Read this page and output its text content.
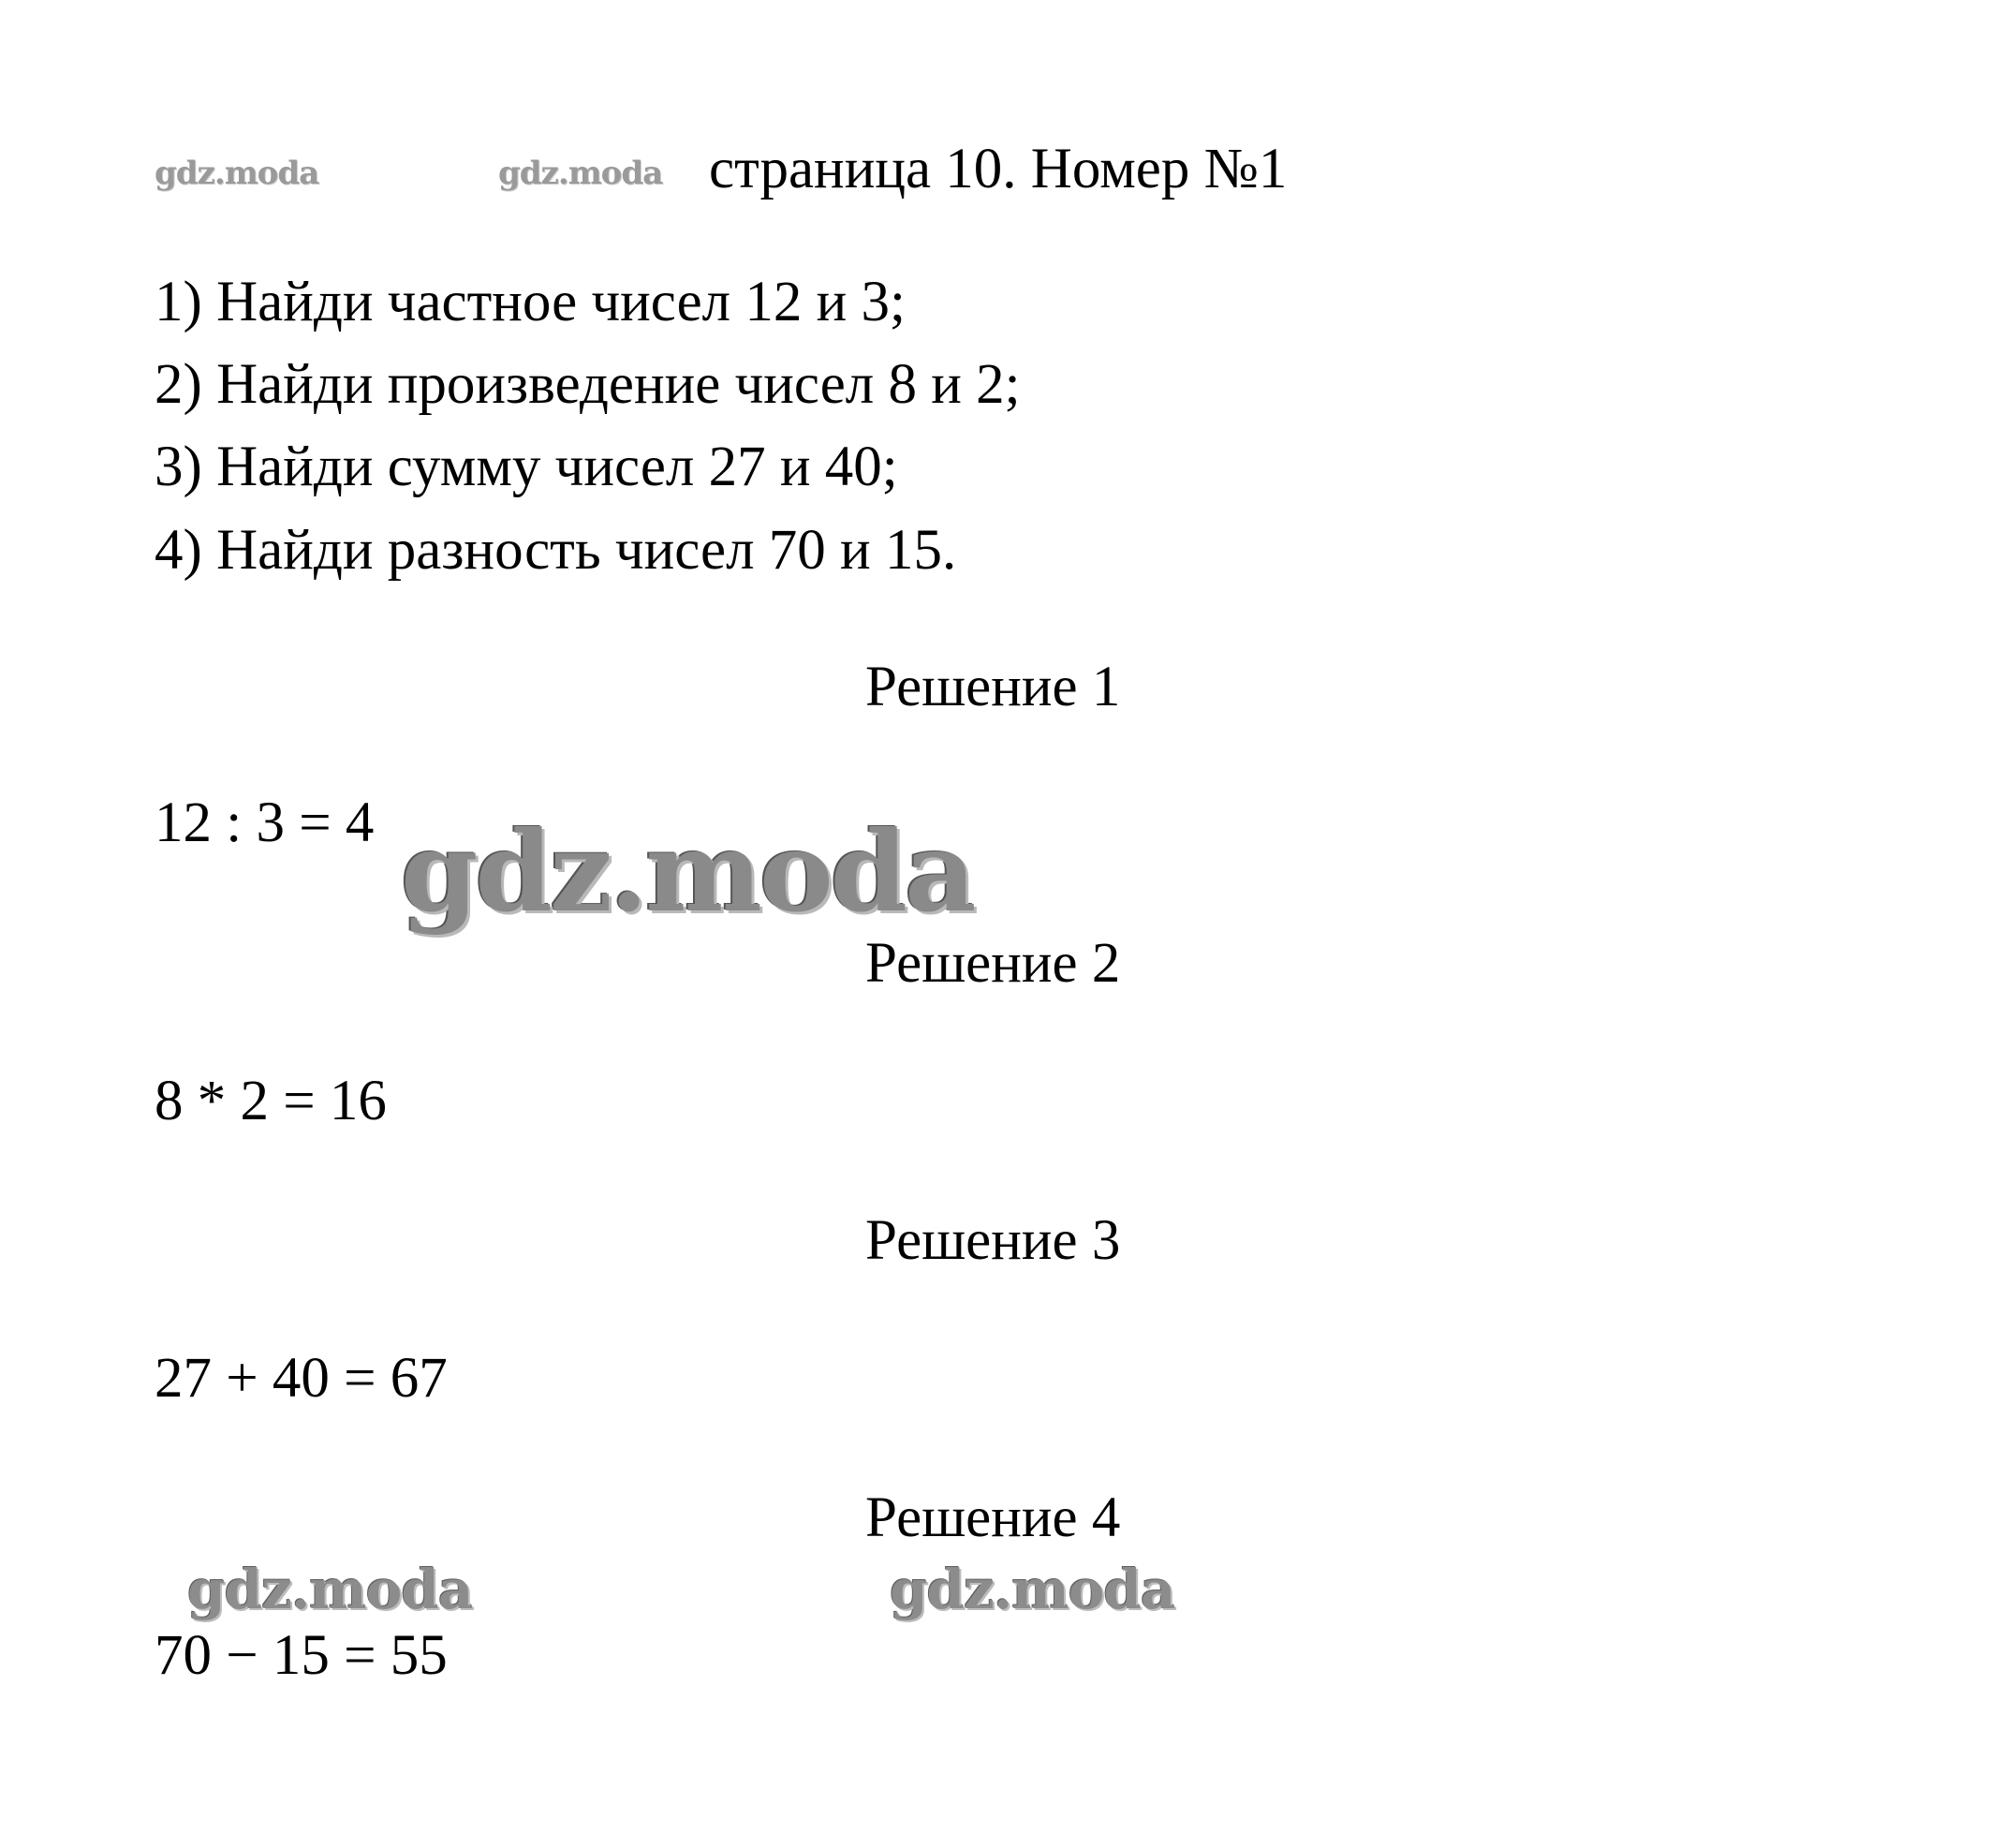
gdz.moda	gdz.moda страница 10. Номер №1
1) Найди частное чисел 12 и 3;
2) Найди произведение чисел 8 и 2;
3) Найди сумму чисел 27 и 40;
4) Найди разность чисел 70 и 15.
Решение 1
12 : 3 = 4 gdz.moda
Решение 2
8 * 2 = 16
Решение 3
27 + 40 = 67
Решение 4
gdz.moda	gdz.moda
70 − 15 = 55
